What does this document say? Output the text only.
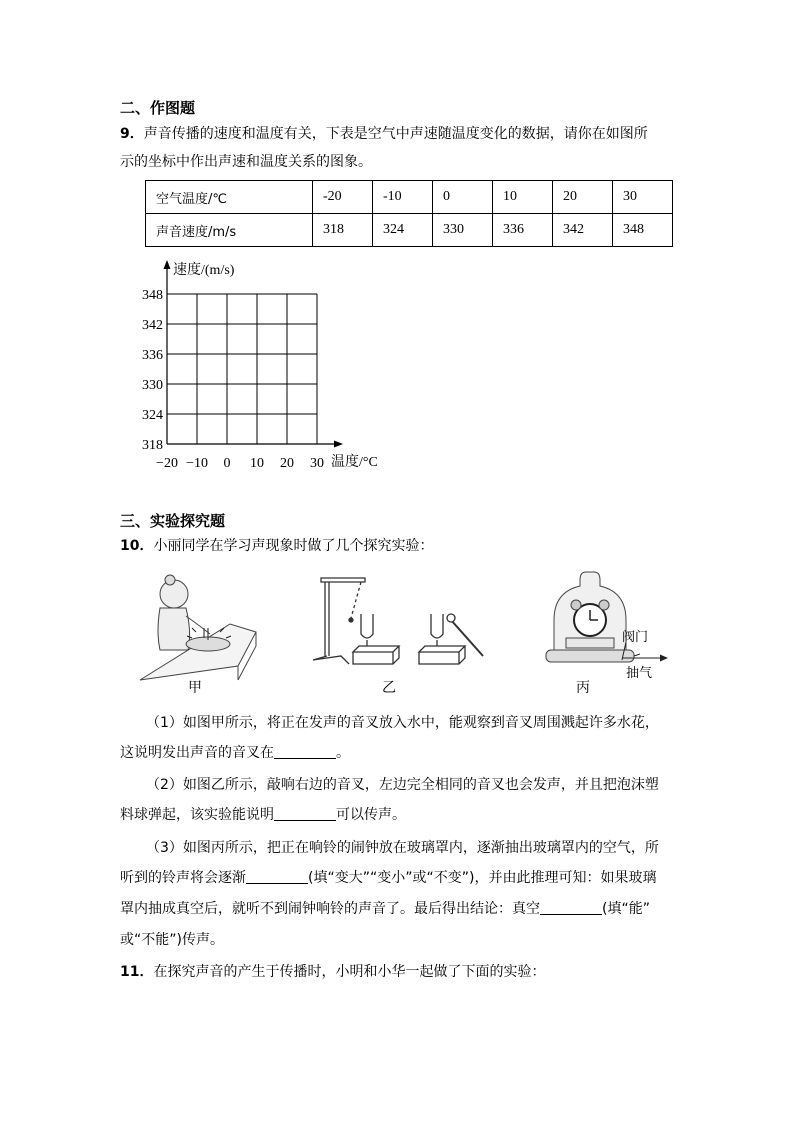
二、作图题
9．声音传播的速度和温度有关，下表是空气中声速随温度变化的数据，请你在如图所
示的坐标中作出声速和温度关系的图象。
空气温度/℃	-20	-10	0	10	20	30
声音速度/m/s	318	324	330	336	342	348
速度/(m/s)
温度/°C
318
324
330
336
342
348
−20 −10 0 10 20 30
三、实验探究题
10．小丽同学在学习声现象时做了几个探究实验：
甲	乙
阀门
抽气
丙
（1）如图甲所示，将正在发声的音叉放入水中，能观察到音叉周围溅起许多水花，
这说明发出声音的音叉在	。
（2）如图乙所示，敲响右边的音叉，左边完全相同的音叉也会发声，并且把泡沫塑
料球弹起，该实验能说明	可以传声。
（3）如图丙所示，把正在响铃的闹钟放在玻璃罩内，逐渐抽出玻璃罩内的空气，所
听到的铃声将会逐渐	(填“变大”“变小”或“不变”)，并由此推理可知：如果玻璃
罩内抽成真空后，就听不到闹钟响铃的声音了。最后得出结论：真空	(填“能”
或“不能”)传声。
11．在探究声音的产生于传播时，小明和小华一起做了下面的实验：
